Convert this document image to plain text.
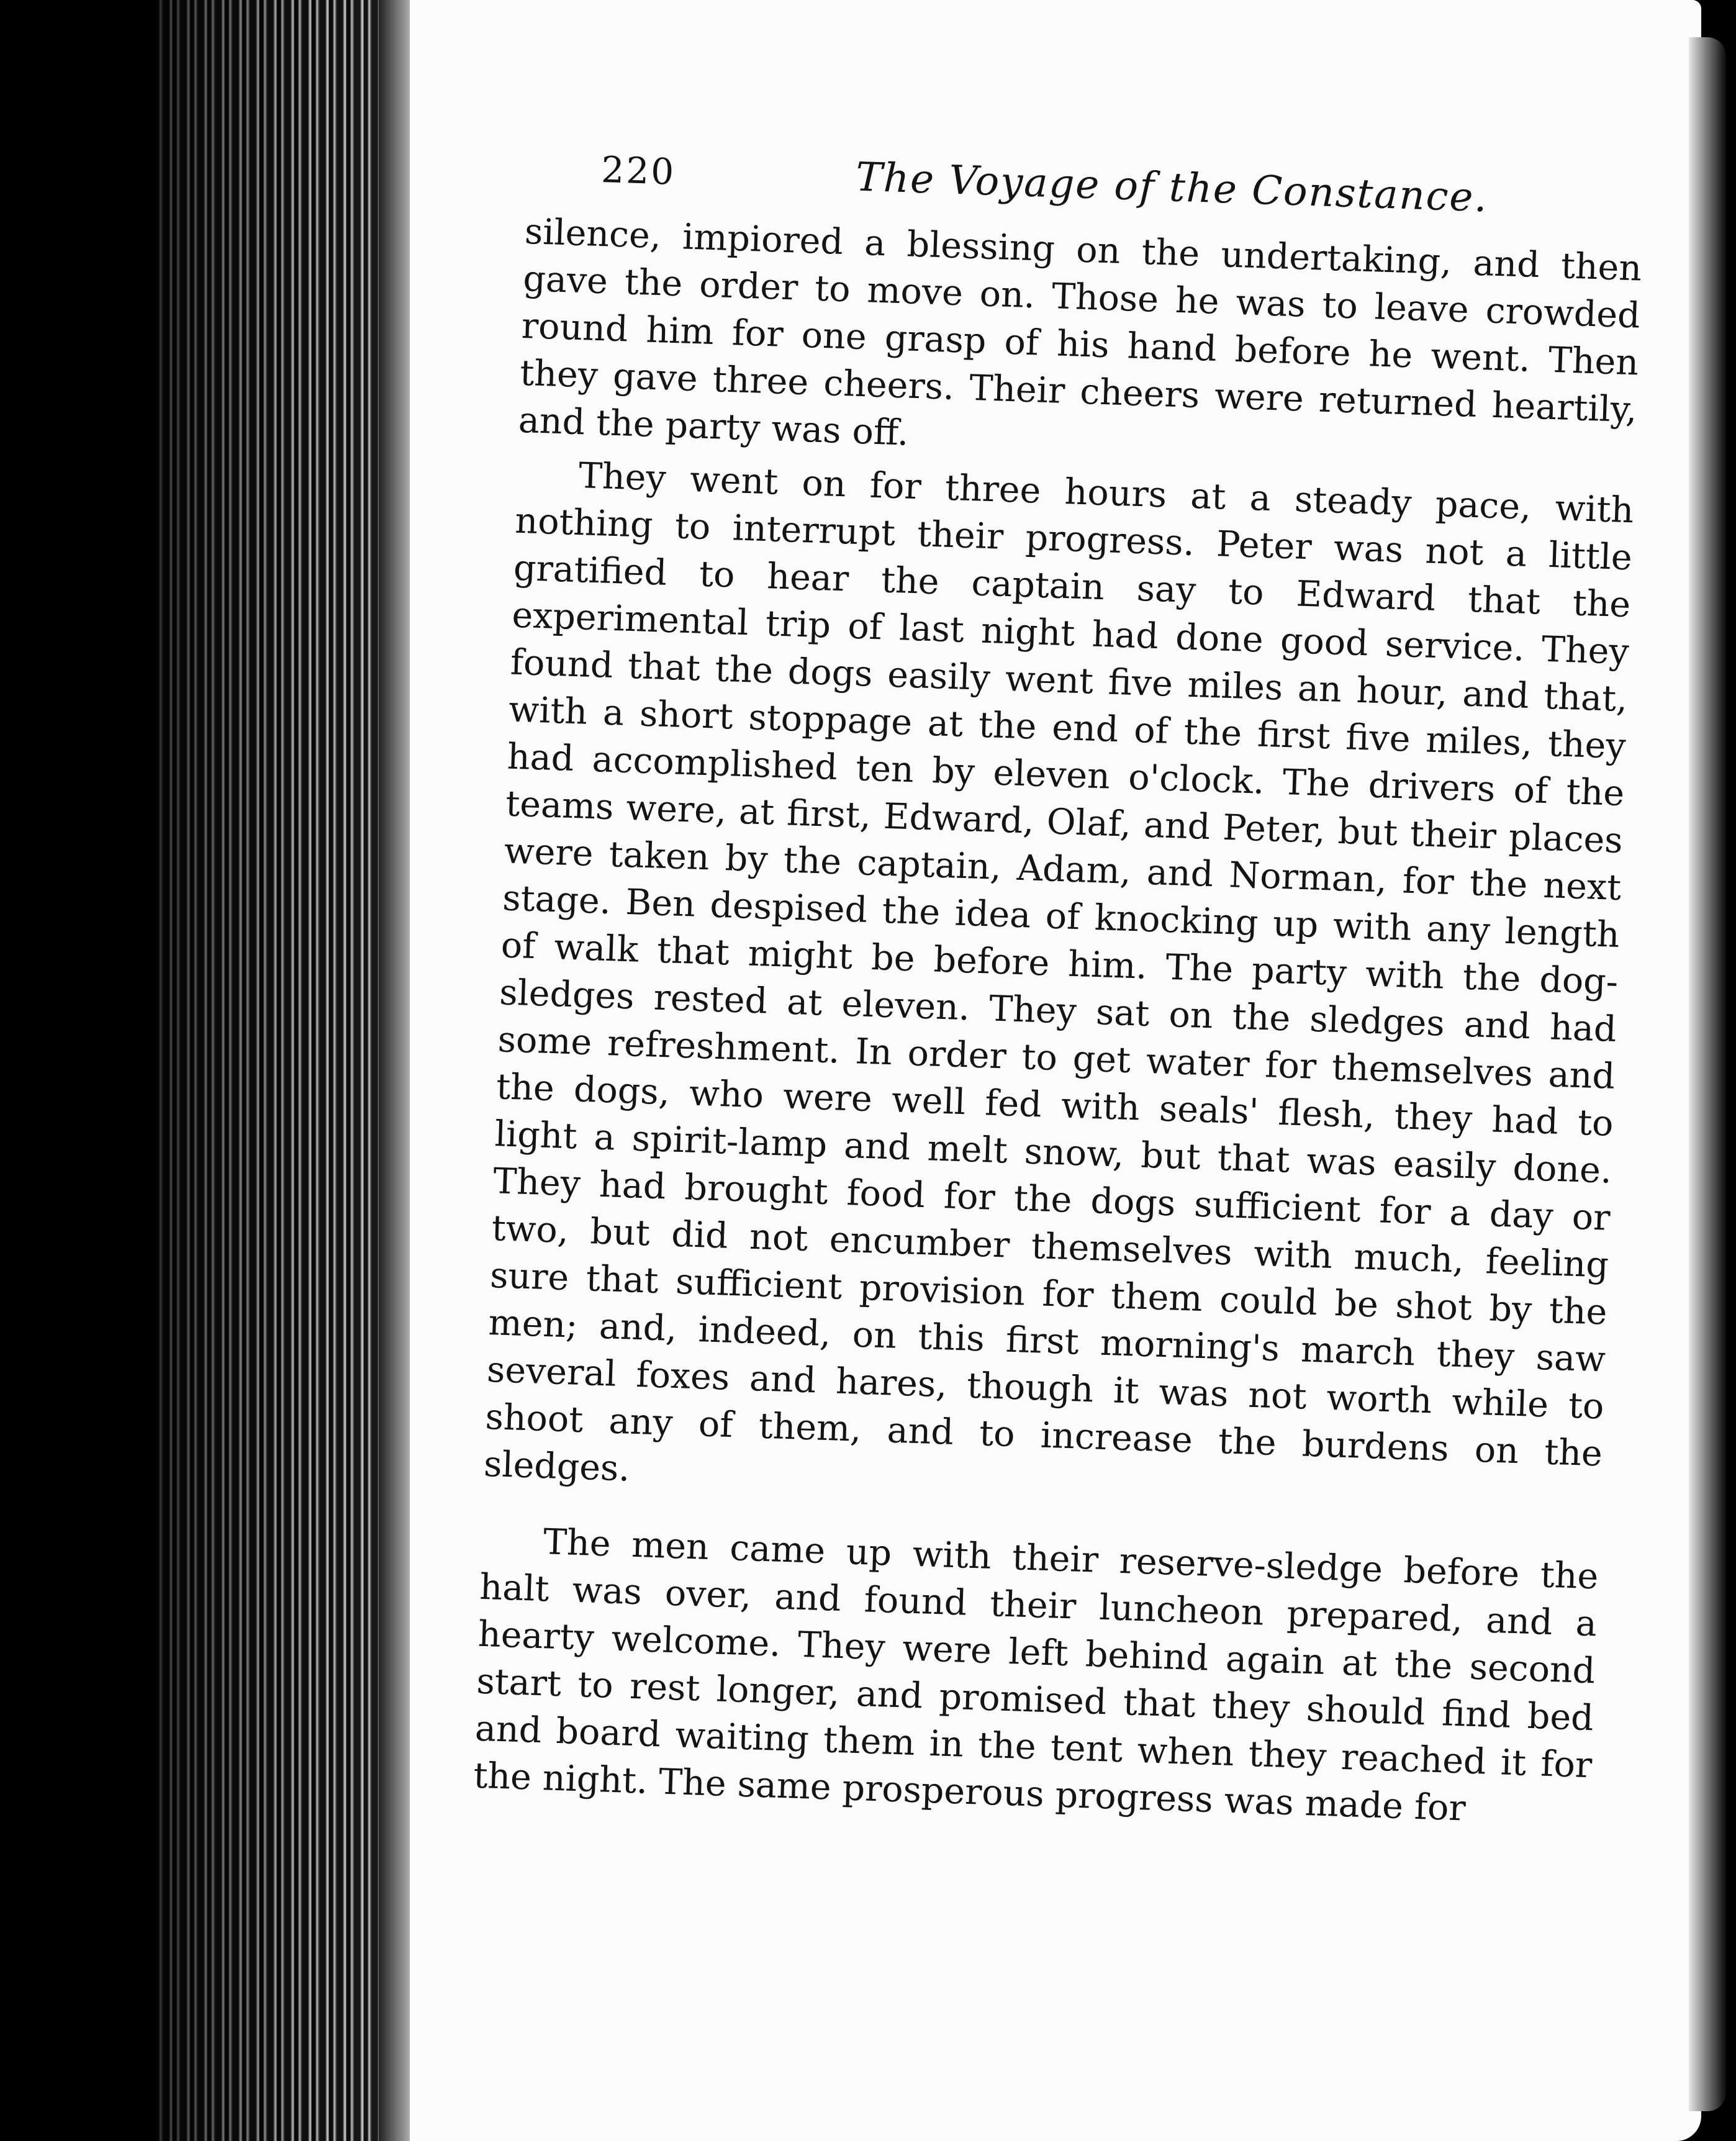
220	The Voyage of the Constance.

silence, impiored a blessing on the undertaking, and then gave the order to move on. Those he was to leave crowded round him for one grasp of his hand before he went. Then they gave three cheers. Their cheers were returned heartily, and the party was off.

They went on for three hours at a steady pace, with nothing to interrupt their progress. Peter was not a little gratified to hear the captain say to Edward that the experimental trip of last night had done good service. They found that the dogs easily went five miles an hour, and that, with a short stoppage at the end of the first five miles, they had accomplished ten by eleven o'clock. The drivers of the teams were, at first, Edward, Olaf, and Peter, but their places were taken by the captain, Adam, and Norman, for the next stage. Ben despised the idea of knocking up with any length of walk that might be before him. The party with the dog-sledges rested at eleven. They sat on the sledges and had some refreshment. In order to get water for themselves and the dogs, who were well fed with seals' flesh, they had to light a spirit-lamp and melt snow, but that was easily done. They had brought food for the dogs sufficient for a day or two, but did not encumber themselves with much, feeling sure that sufficient provision for them could be shot by the men; and, indeed, on this first morning's march they saw several foxes and hares, though it was not worth while to shoot any of them, and to increase the burdens on the sledges.

The men came up with their reserve-sledge before the halt was over, and found their luncheon prepared, and a hearty welcome. They were left behind again at the second start to rest longer, and promised that they should find bed and board waiting them in the tent when they reached it for the night. The same prosperous progress was made for
